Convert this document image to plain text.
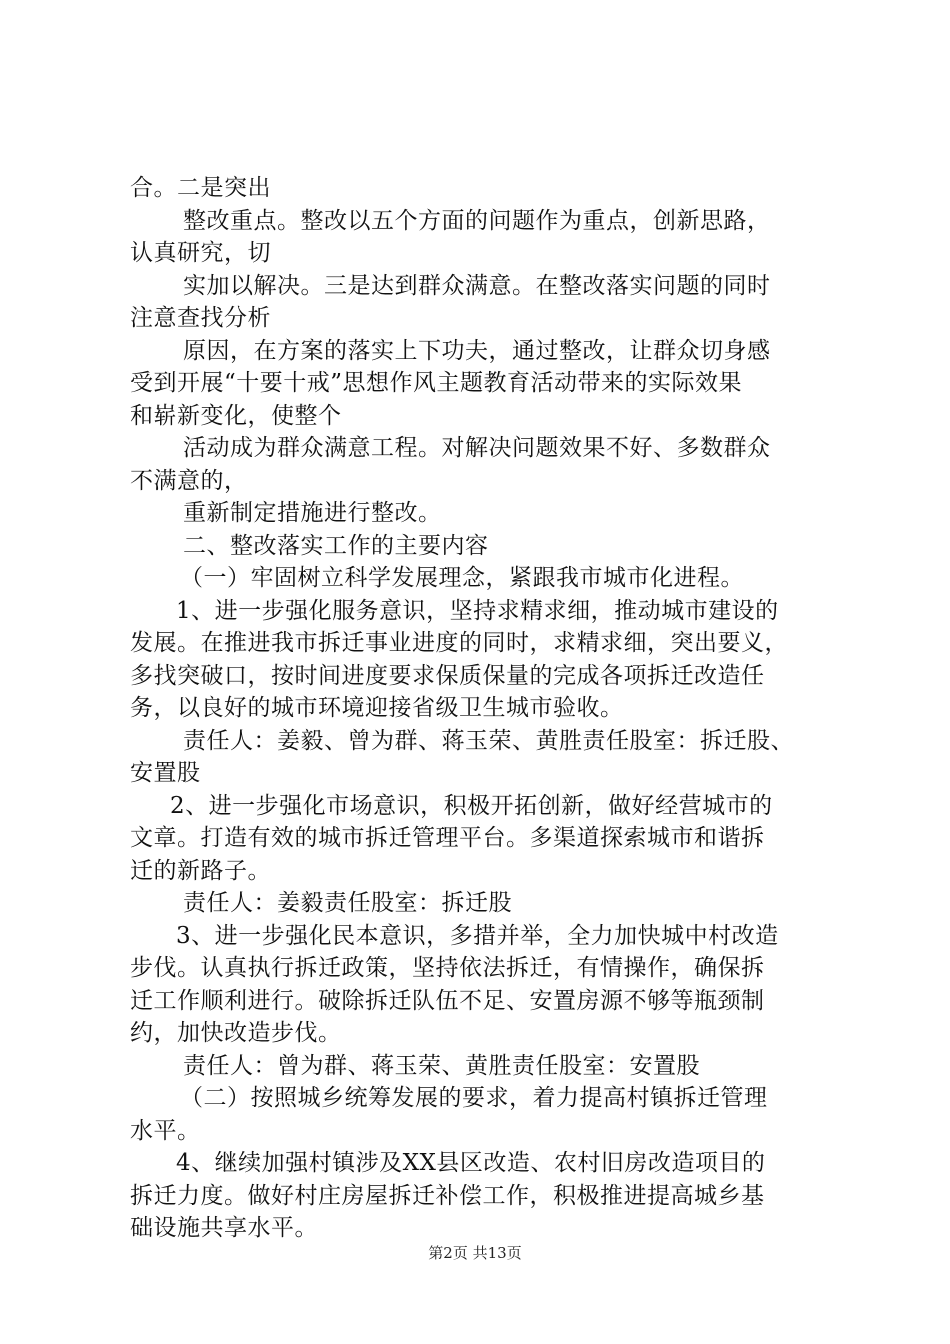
合。二是突出
整改重点。整改以五个方面的问题作为重点，创新思路，
认真研究，切
实加以解决。三是达到群众满意。在整改落实问题的同时
注意查找分析
原因，在方案的落实上下功夫，通过整改，让群众切身感
受到开展“十要十戒”思想作风主题教育活动带来的实际效果
和崭新变化，使整个
活动成为群众满意工程。对解决问题效果不好、多数群众
不满意的，
重新制定措施进行整改。
二、整改落实工作的主要内容
（一）牢固树立科学发展理念，紧跟我市城市化进程。
1、进一步强化服务意识，坚持求精求细，推动城市建设的
发展。在推进我市拆迁事业进度的同时，求精求细，突出要义，
多找突破口，按时间进度要求保质保量的完成各项拆迁改造任
务，以良好的城市环境迎接省级卫生城市验收。
责任人：姜毅、曾为群、蒋玉荣、黄胜责任股室：拆迁股、
安置股
2、进一步强化市场意识，积极开拓创新，做好经营城市的
文章。打造有效的城市拆迁管理平台。多渠道探索城市和谐拆
迁的新路子。
责任人：姜毅责任股室：拆迁股
3、进一步强化民本意识，多措并举，全力加快城中村改造
步伐。认真执行拆迁政策，坚持依法拆迁，有情操作，确保拆
迁工作顺利进行。破除拆迁队伍不足、安置房源不够等瓶颈制
约，加快改造步伐。
责任人：曾为群、蒋玉荣、黄胜责任股室：安置股
（二）按照城乡统筹发展的要求，着力提高村镇拆迁管理
水平。
4、继续加强村镇涉及XX县区改造、农村旧房改造项目的
拆迁力度。做好村庄房屋拆迁补偿工作，积极推进提高城乡基
础设施共享水平。
第2页 共13页
